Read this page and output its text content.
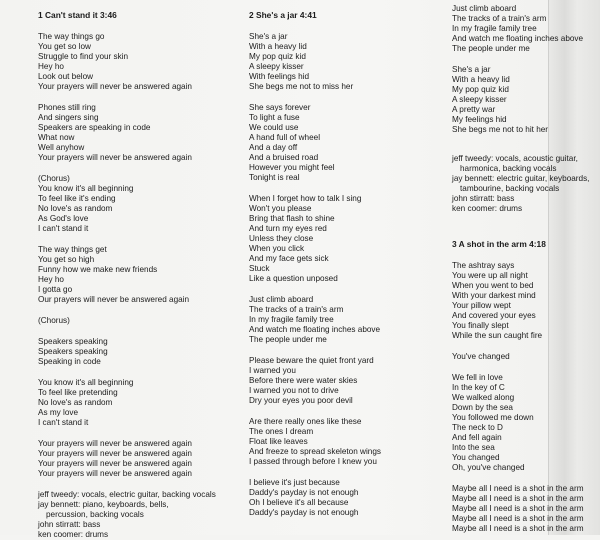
1 Can't stand it 3:46
The way things go
You get so low
Struggle to find your skin
Hey ho
Look out below
Your prayers will never be answered again
Phones still ring
And singers sing
Speakers are speaking in code
What now
Well anyhow
Your prayers will never be answered again
(Chorus)
You know it's all beginning
To feel like it's ending
No love's as random
As God's love
I can't stand it
The way things get
You get so high
Funny how we make new friends
Hey ho
I gotta go
Our prayers will never be answered again
(Chorus)
Speakers speaking
Speakers speaking
Speaking in code
You know it's all beginning
To feel like pretending
No love's as random
As my love
I can't stand it
Your prayers will never be answered again
Your prayers will never be answered again
Your prayers will never be answered again
Your prayers will never be answered again
jeff tweedy: vocals, electric guitar, backing vocals
jay bennett: piano, keyboards, bells,
percussion, backing vocals
john stirratt: bass
ken coomer: drums
2 She's a jar 4:41
She's a jar
With a heavy lid
My pop quiz kid
A sleepy kisser
With feelings hid
She begs me not to miss her
She says forever
To light a fuse
We could use
A hand full of wheel
And a day off
And a bruised road
However you might feel
Tonight is real
When I forget how to talk I sing
Won't you please
Bring that flash to shine
And turn my eyes red
Unless they close
When you click
And my face gets sick
Stuck
Like a question unposed
Just climb aboard
The tracks of a train's arm
In my fragile family tree
And watch me floating inches above
The people under me
Please beware the quiet front yard
I warned you
Before there were water skies
I warned you not to drive
Dry your eyes you poor devil
Are there really ones like these
The ones I dream
Float like leaves
And freeze to spread skeleton wings
I passed through before I knew you
I believe it's just because
Daddy's payday is not enough
Oh I believe it's all because
Daddy's payday is not enough
Just climb aboard
The tracks of a train's arm
In my fragile family tree
And watch me floating inches above
The people under me
She's a jar
With a heavy lid
My pop quiz kid
A sleepy kisser
A pretty war
My feelings hid
She begs me not to hit her
jeff tweedy: vocals, acoustic guitar,
harmonica, backing vocals
jay bennett: electric guitar, keyboards,
tambourine, backing vocals
john stirratt: bass
ken coomer: drums
3 A shot in the arm 4:18
The ashtray says
You were up all night
When you went to bed
With your darkest mind
Your pillow wept
And covered your eyes
You finally slept
While the sun caught fire
You've changed
We fell in love
In the key of C
We walked along
Down by the sea
You followed me down
The neck to D
And fell again
Into the sea
You changed
Oh, you've changed
Maybe all I need is a shot in the arm
Maybe all I need is a shot in the arm
Maybe all I need is a shot in the arm
Maybe all I need is a shot in the arm
Maybe all I need is a shot in the arm
